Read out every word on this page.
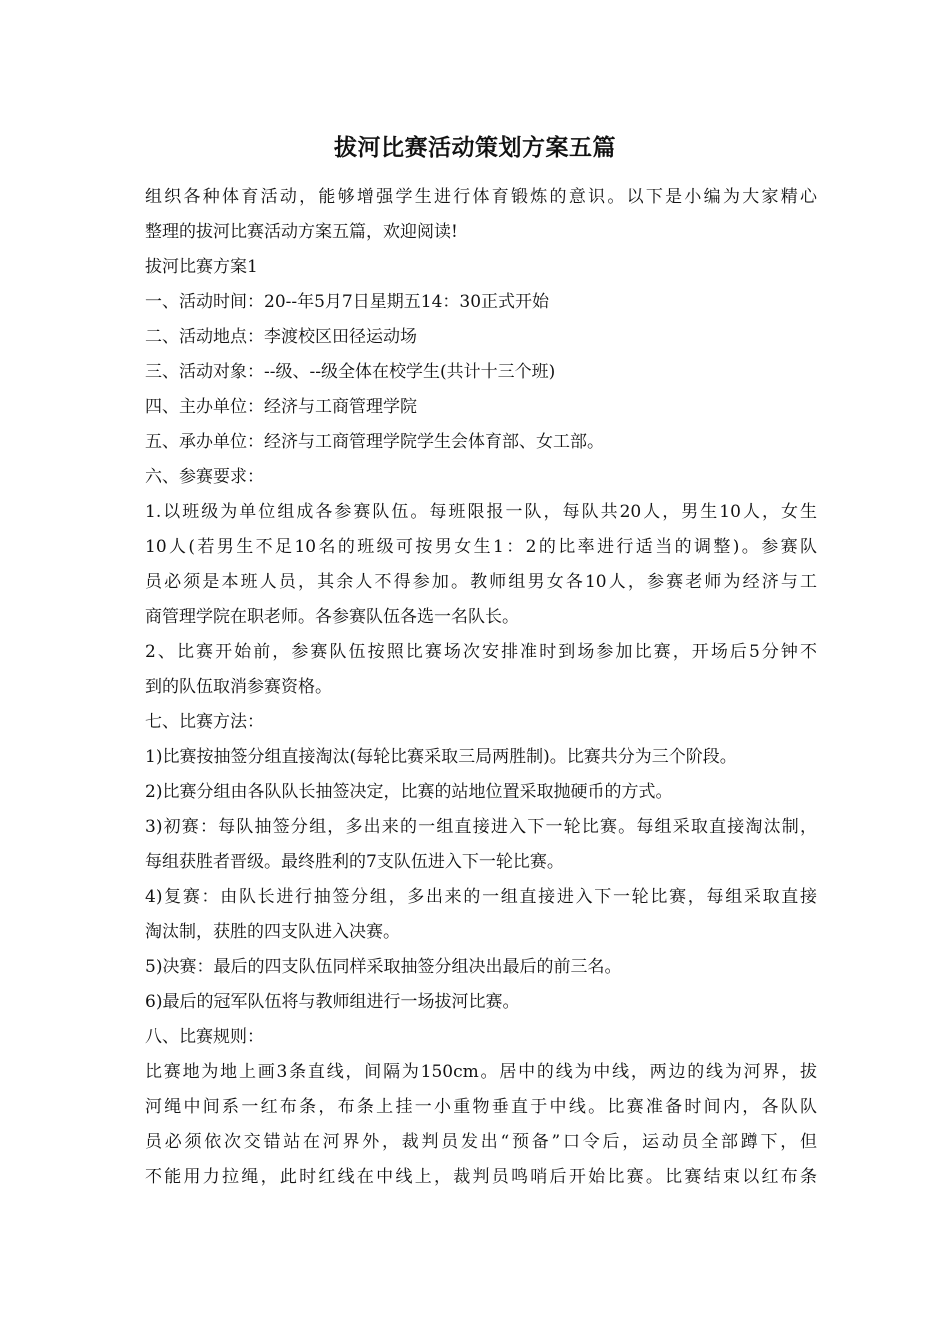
拔河比赛活动策划方案五篇
组织各种体育活动，能够增强学生进行体育锻炼的意识。以下是小编为大家精心
整理的拔河比赛活动方案五篇，欢迎阅读!
拔河比赛方案1
一、活动时间：20--年5月7日星期五14：30正式开始
二、活动地点：李渡校区田径运动场
三、活动对象：--级、--级全体在校学生(共计十三个班)
四、主办单位：经济与工商管理学院
五、承办单位：经济与工商管理学院学生会体育部、女工部。
六、参赛要求：
1.以班级为单位组成各参赛队伍。每班限报一队，每队共20人，男生10人，女生
10人(若男生不足10名的班级可按男女生1：2的比率进行适当的调整)。参赛队
员必须是本班人员，其余人不得参加。教师组男女各10人，参赛老师为经济与工
商管理学院在职老师。各参赛队伍各选一名队长。
2、比赛开始前，参赛队伍按照比赛场次安排准时到场参加比赛，开场后5分钟不
到的队伍取消参赛资格。
七、比赛方法：
1)比赛按抽签分组直接淘汰(每轮比赛采取三局两胜制)。比赛共分为三个阶段。
2)比赛分组由各队队长抽签决定，比赛的站地位置采取抛硬币的方式。
3)初赛：每队抽签分组，多出来的一组直接进入下一轮比赛。每组采取直接淘汰制，
每组获胜者晋级。最终胜利的7支队伍进入下一轮比赛。
4)复赛：由队长进行抽签分组，多出来的一组直接进入下一轮比赛，每组采取直接
淘汰制，获胜的四支队进入决赛。
5)决赛：最后的四支队伍同样采取抽签分组决出最后的前三名。
6)最后的冠军队伍将与教师组进行一场拔河比赛。
八、比赛规则：
比赛地为地上画3条直线，间隔为150cm。居中的线为中线，两边的线为河界，拔
河绳中间系一红布条，布条上挂一小重物垂直于中线。比赛准备时间内，各队队
员必须依次交错站在河界外，裁判员发出“预备”口令后，运动员全部蹲下，但
不能用力拉绳，此时红线在中线上，裁判员鸣哨后开始比赛。比赛结束以红布条
